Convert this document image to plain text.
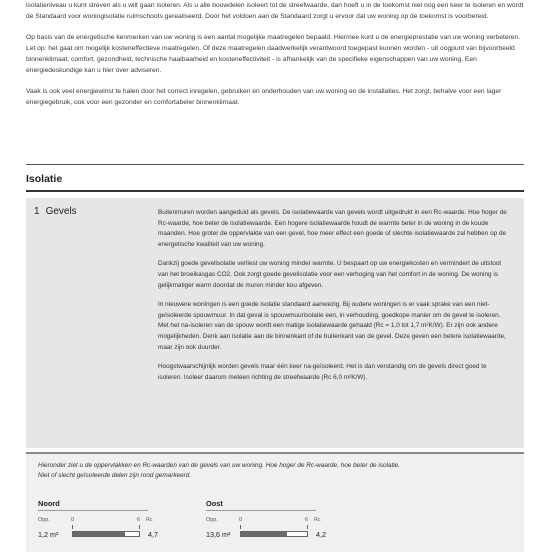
isolatieniveau u kunt streven als u wilt gaan isoleren. Als u alle bouwdelen isoleert tot de streefwaarde, dan hoeft u in de toekomst niet nog een keer te isoleren en wordt de Standaard voor woningisolatie ruimschoots gerealiseerd. Door het voldoen aan de Standaard zorgt u ervoor dat uw woning op de toekomst is voorbereid.

Op basis van de energetische kenmerken van uw woning is een aantal mogelijke maatregelen bepaald. Hiermee kunt u de energieprestatie van uw woning verbeteren. Let op: het gaat om mogelijk kosteneffectieve maatregelen. Of deze maatregelen daadwerkelijk verantwoord toegepast kunnen worden - uit oogpunt van bijvoorbeeld binnenklimaat, comfort, gezondheid, technische haalbaarheid en kosteneffectiviteit - is afhankelijk van de specifieke eigenschappen van uw woning. Een energiedeskundige kan u hier over adviseren.

Vaak is ook veel energiewinst te halen door het correct inregelen, gebruiken en onderhouden van uw woning en de installaties. Het zorgt, behalve voor een lager energiegebruik, ook voor een gezonder en comfortabeler binnenklimaat.

Isolatie
1 Gevels	Buitenmuren worden aangeduid als gevels. De isolatiewaarde van gevels wordt uitgedrukt in een Rc-waarde. Hoe hoger de Rc-waarde, hoe beter de isolatiewaarde. Een hogere isolatiewaarde houdt de warmte beter in de woning in de koude maanden. Hoe groter de oppervlakte van een gevel, hoe meer effect een goede of slechte isolatiewaarde zal hebben op de energetische kwaliteit van uw woning.

Dankzij goede gevelisolatie verliest uw woning minder warmte. U bespaart op uw energiekosten en vermindert de uitstoot van het broeikasgas CO2. Ook zorgt goede gevelisolatie voor een verhoging van het comfort in de woning. De woning is gelijkmatiger warm doordat de muren minder kou afgeven.

In nieuwere woningen is een goede isolatie standaard aanwezig. Bij oudere woningen is er vaak sprake van een niet-geïsoleerde spouwmuur. In dat geval is spouwmuurisolatie een, in verhouding, goedkope manier om de gevel te isoleren. Met het na-isoleren van de spouw wordt een matige isolatiewaarde gehaald (Rc = 1,0 tot 1,7 m²K/W). Er zijn ook andere mogelijkheden. Denk aan isolatie aan de binnenkant of de buitenkant van de gevel. Deze geven een betere isolatiewaarde, maar zijn ook duurder.

Hoogstwaarschijnlijk worden gevels maar één keer na-geïsoleerd. Het is dan verstandig om de gevels direct goed te isoleren. Isoleer daarom meteen richting de streefwaarde (Rc 6,0 m²K/W).

Hieronder ziet u de oppervlakken en Rc-waarden van de gevels van uw woning. Hoe hoger de Rc-waarde, hoe beter de isolatie.
Niet of slecht geïsoleerde delen zijn rood gemarkeerd.
Noord
Opp.	0	6 Rc
1,2 m²	4,7
Oost
Opp.	0	6 Rc
13,6 m²	4,2
